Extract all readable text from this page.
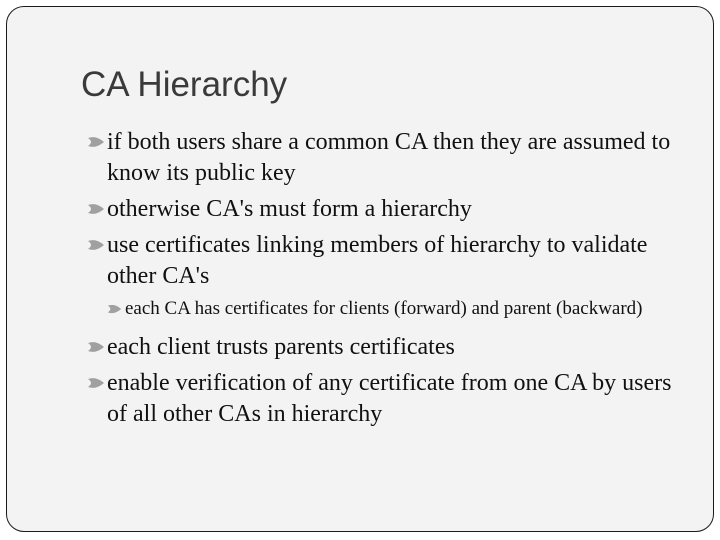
CA Hierarchy
if both users share a common CA then they are assumed to know its public key
otherwise CA's must form a hierarchy
use certificates linking members of hierarchy to validate other CA's
each CA has certificates for clients (forward) and parent (backward)
each client trusts parents certificates
enable verification of any certificate from one CA by users of all other CAs in hierarchy
